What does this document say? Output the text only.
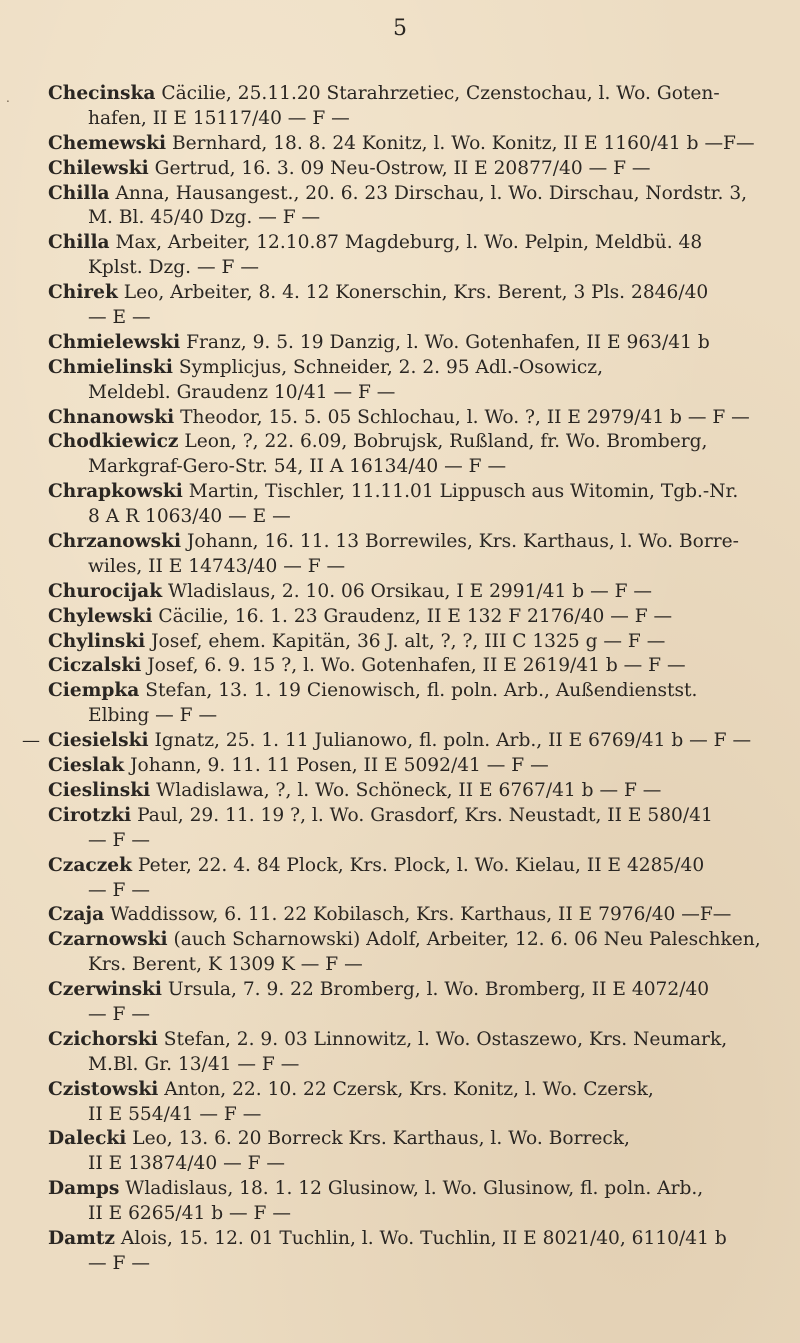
5
. Checinska Cäcilie, 25.11.20 Starahrzetiec, Czenstochau, l. Wo. Goten-
hafen, II E 15117/40 — F —
Chemewski Bernhard, 18. 8. 24 Konitz, l. Wo. Konitz, II E 1160/41 b —F—
Chilewski Gertrud, 16. 3. 09 Neu-Ostrow, II E 20877/40 — F —
Chilla Anna, Hausangest., 20. 6. 23 Dirschau, l. Wo. Dirschau, Nordstr. 3,
M. Bl. 45/40 Dzg. — F —
Chilla Max, Arbeiter, 12.10.87 Magdeburg, l. Wo. Pelpin, Meldbü. 48
Kplst. Dzg. — F —
Chirek Leo, Arbeiter, 8. 4. 12 Konerschin, Krs. Berent, 3 Pls. 2846/40
— E —
Chmielewski Franz, 9. 5. 19 Danzig, l. Wo. Gotenhafen, II E 963/41 b
Chmielinski Symplicjus, Schneider, 2. 2. 95 Adl.-Osowicz,
Meldebl. Graudenz 10/41 — F —
Chnanowski Theodor, 15. 5. 05 Schlochau, l. Wo. ?, II E 2979/41 b — F —
Chodkiewicz Leon, ?, 22. 6.09, Bobrujsk, Rußland, fr. Wo. Bromberg,
Markgraf-Gero-Str. 54, II A 16134/40 — F —
Chrapkowski Martin, Tischler, 11.11.01 Lippusch aus Witomin, Tgb.-Nr.
8 A R 1063/40 — E —
Chrzanowski Johann, 16. 11. 13 Borrewiles, Krs. Karthaus, l. Wo. Borre-
wiles, II E 14743/40 — F —
Churocijak Wladislaus, 2. 10. 06 Orsikau, I E 2991/41 b — F —
Chylewski Cäcilie, 16. 1. 23 Graudenz, II E 132 F 2176/40 — F —
Chylinski Josef, ehem. Kapitän, 36 J. alt, ?, ?, III C 1325 g — F —
Ciczalski Josef, 6. 9. 15 ?, l. Wo. Gotenhafen, II E 2619/41 b — F —
Ciempka Stefan, 13. 1. 19 Cienowisch, fl. poln. Arb., Außendienstst.
Elbing — F —
— Ciesielski Ignatz, 25. 1. 11 Julianowo, fl. poln. Arb., II E 6769/41 b — F —
Cieslak Johann, 9. 11. 11 Posen, II E 5092/41 — F —
Cieslinski Wladislawa, ?, l. Wo. Schöneck, II E 6767/41 b — F —
Cirotzki Paul, 29. 11. 19 ?, l. Wo. Grasdorf, Krs. Neustadt, II E 580/41
— F —
Czaczek Peter, 22. 4. 84 Plock, Krs. Plock, l. Wo. Kielau, II E 4285/40
— F —
Czaja Waddissow, 6. 11. 22 Kobilasch, Krs. Karthaus, II E 7976/40 —F—
Czarnowski (auch Scharnowski) Adolf, Arbeiter, 12. 6. 06 Neu Paleschken,
Krs. Berent, K 1309 K — F —
Czerwinski Ursula, 7. 9. 22 Bromberg, l. Wo. Bromberg, II E 4072/40
— F —
Czichorski Stefan, 2. 9. 03 Linnowitz, l. Wo. Ostaszewo, Krs. Neumark,
M.Bl. Gr. 13/41 — F —
Czistowski Anton, 22. 10. 22 Czersk, Krs. Konitz, l. Wo. Czersk,
II E 554/41 — F —
Dalecki Leo, 13. 6. 20 Borreck Krs. Karthaus, l. Wo. Borreck,
II E 13874/40 — F —
Damps Wladislaus, 18. 1. 12 Glusinow, l. Wo. Glusinow, fl. poln. Arb.,
II E 6265/41 b — F —
Damtz Alois, 15. 12. 01 Tuchlin, l. Wo. Tuchlin, II E 8021/40, 6110/41 b
— F —
